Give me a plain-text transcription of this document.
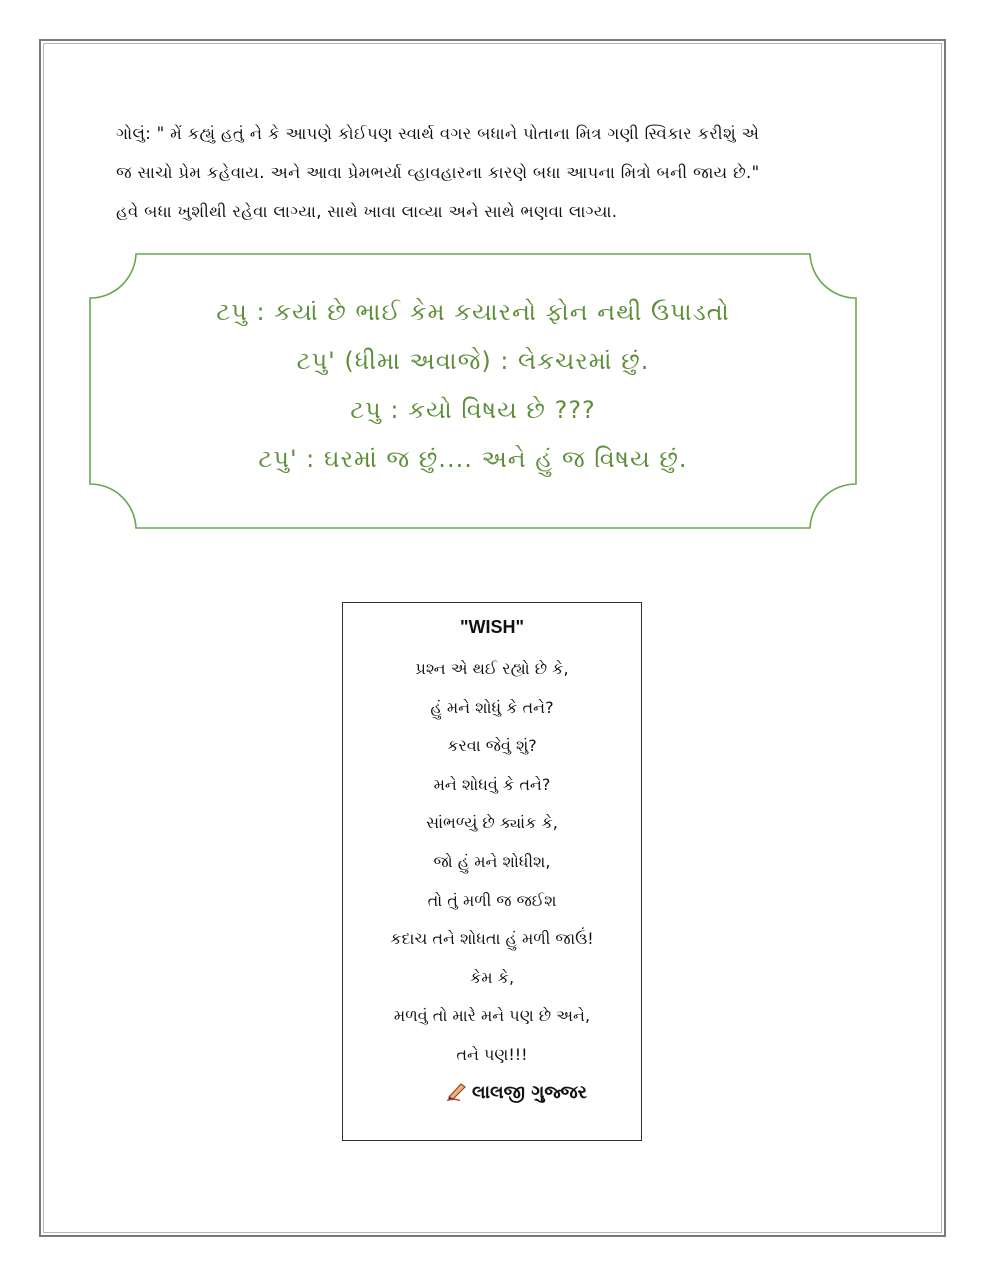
ગોલું: " મેં કહ્યું હતું ને કે આપણે કોઈપણ સ્વાર્થ વગર બધાને પોતાના મિત્ર ગણી સ્વિકાર કરીશું એ

જ સાચો પ્રેમ કહેવાય. અને આવા પ્રેમભર્યા વ્હાવહારના કારણે બધા આપના મિત્રો બની જાય છે."

હવે બધા ખુશીથી રહેવા લાગ્યા, સાથે ખાવા લાવ્યા અને સાથે ભણવા લાગ્યા.

ટપુ : કયાં છે ભાઈ કેમ કયારનો ફોન નથી ઉપાડતો
ટપુ' (ધીમા અવાજે) : લેકચરમાં છું.
ટપુ : કયો વિષય છે ???
ટપુ' : ઘરમાં જ છું.... અને હું જ વિષય છું.
"WISH"
પ્રશ્ન એ થઈ રહ્યો છે કે,
હું મને શોધું કે તને?
કરવા જેવું શું?
મને શોધવું કે તને?
સાંભળ્યું છે ક્યાંક કે,
જો હું મને શોધીશ,
તો તું મળી જ જઈશ
કદાચ તને શોધતા હું મળી જાઉં!
કેમ કે,
મળવું તો મારે મને પણ છે અને,
તને પણ!!!
લાલજી ગુજ્જર
